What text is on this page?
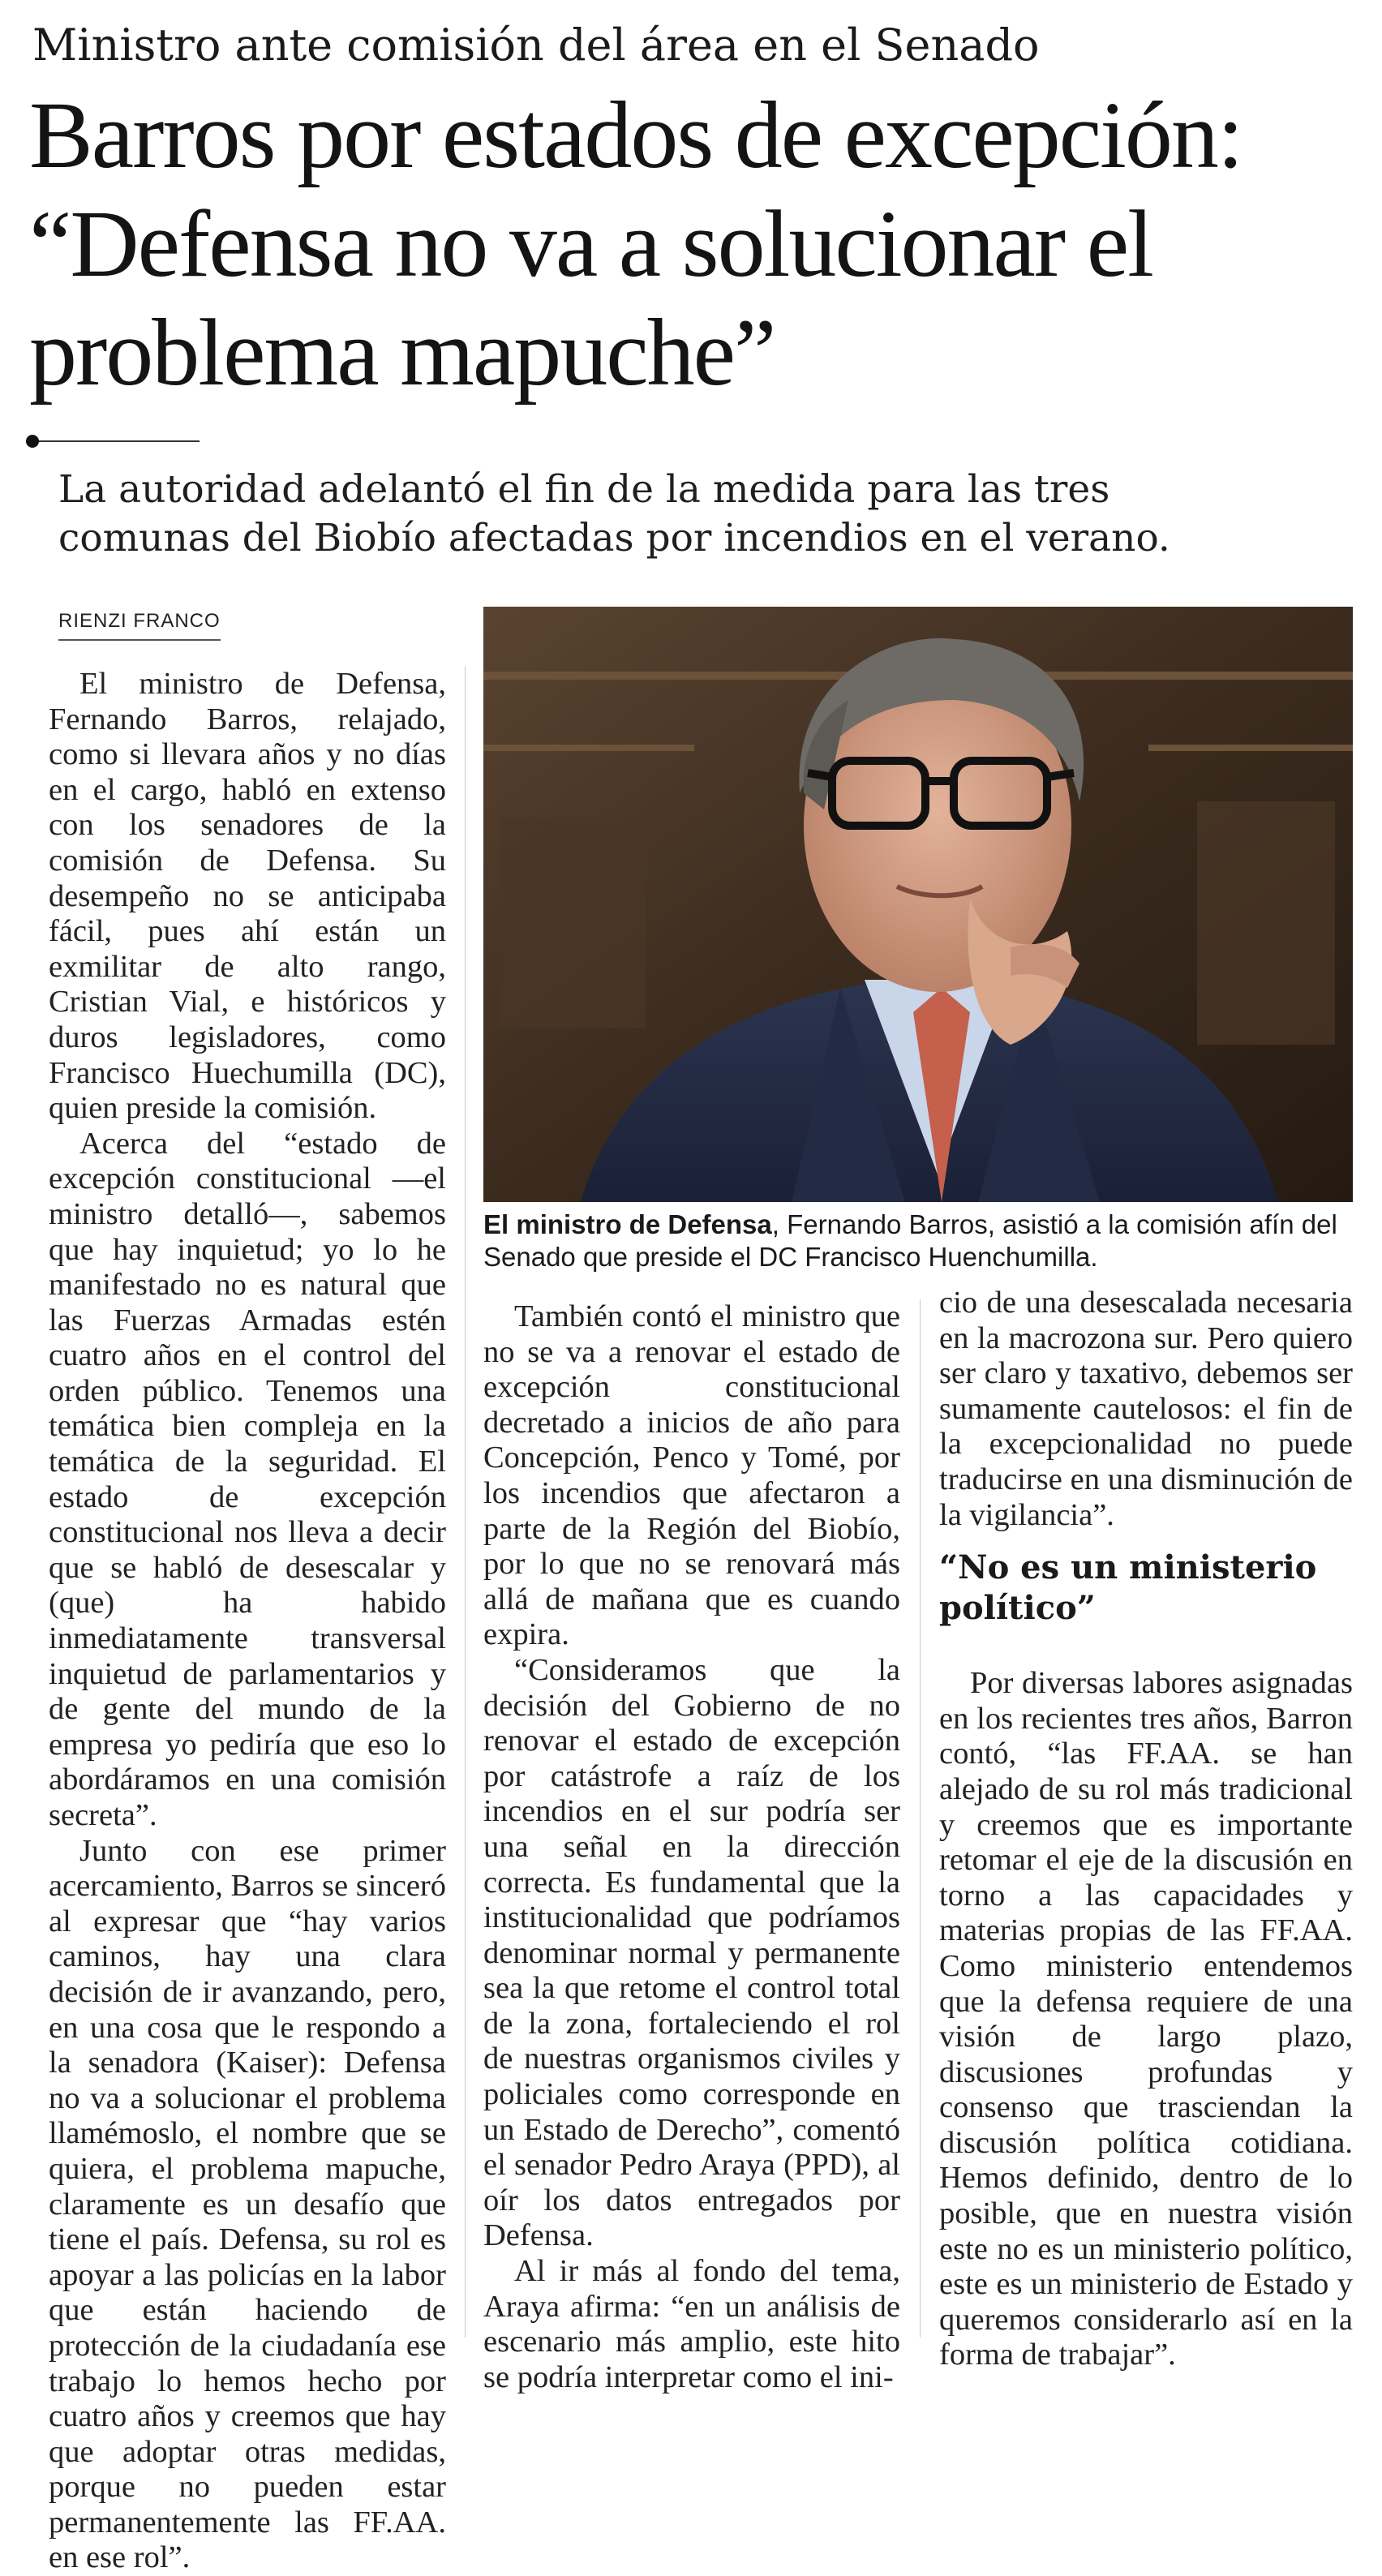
Ministro ante comisión del área en el Senado
Barros por estados de excepción:
“Defensa no va a solucionar el
problema mapuche”
La autoridad adelantó el fin de la medida para las tres
comunas del Biobío afectadas por incendios en el verano.
RIENZI FRANCO

El ministro de Defensa, Fernando Barros, relajado, como si llevara años y no días en el cargo, habló en extenso con los senadores de la comisión de Defensa. Su desempeño no se anticipaba fácil, pues ahí están un exmilitar de alto rango, Cristian Vial, e históricos y duros legisladores, como Francisco Huechumilla (DC), quien preside la comisión.

Acerca del “estado de excepción constitucional —el ministro detalló—, sabemos que hay inquietud; yo lo he manifestado no es natural que las Fuerzas Armadas estén cuatro años en el control del orden público. Tenemos una temática bien compleja en la temática de la seguridad. El estado de excepción constitucional nos lleva a decir que se habló de desescalar y (que) ha habido inmediatamente transversal inquietud de parlamentarios y de gente del mundo de la empresa yo pediría que eso lo abordáramos en una comisión secreta”.

Junto con ese primer acercamiento, Barros se sinceró al expresar que “hay varios caminos, hay una clara decisión de ir avanzando, pero, en una cosa que le respondo a la senadora (Kaiser): Defensa no va a solucionar el problema llamémoslo, el nombre que se quiera, el problema mapuche, claramente es un desafío que tiene el país. Defensa, su rol es apoyar a las policías en la labor que están haciendo de protección de la ciudadanía ese trabajo lo hemos hecho por cuatro años y creemos que hay que adoptar otras medidas, porque no pueden estar permanentemente las FF.AA. en ese rol”.

El ministro de Defensa, Fernando Barros, asistió a la comisión afín del
Senado que preside el DC Francisco Huenchumilla.

También contó el ministro que no se va a renovar el estado de excepción constitucional decretado a inicios de año para Concepción, Penco y Tomé, por los incendios que afectaron a parte de la Región del Biobío, por lo que no se renovará más allá de mañana que es cuando expira.

“Consideramos que la decisión del Gobierno de no renovar el estado de excepción por catástrofe a raíz de los incendios en el sur podría ser una señal en la dirección correcta. Es fundamental que la institucionalidad que podríamos denominar normal y permanente sea la que retome el control total de la zona, fortaleciendo el rol de nuestras organismos civiles y policiales como corresponde en un Estado de Derecho”, comentó el senador Pedro Araya (PPD), al oír los datos entregados por Defensa.

Al ir más al fondo del tema, Araya afirma: “en un análisis de escenario más amplio, este hito se podría interpretar como el ini-

cio de una desescalada necesaria en la macrozona sur. Pero quiero ser claro y taxativo, debemos ser sumamente cautelosos: el fin de la excepcionalidad no puede traducirse en una disminución de la vigilancia”.

“No es un ministerio político”

Por diversas labores asignadas en los recientes tres años, Barron contó, “las FF.AA. se han alejado de su rol más tradicional y creemos que es importante retomar el eje de la discusión en torno a las capacidades y materias propias de las FF.AA. Como ministerio entendemos que la defensa requiere de una visión de largo plazo, discusiones profundas y consenso que trasciendan la discusión política cotidiana. Hemos definido, dentro de lo posible, que en nuestra visión este no es un ministerio político, este es un ministerio de Estado y queremos considerarlo así en la forma de trabajar”.
